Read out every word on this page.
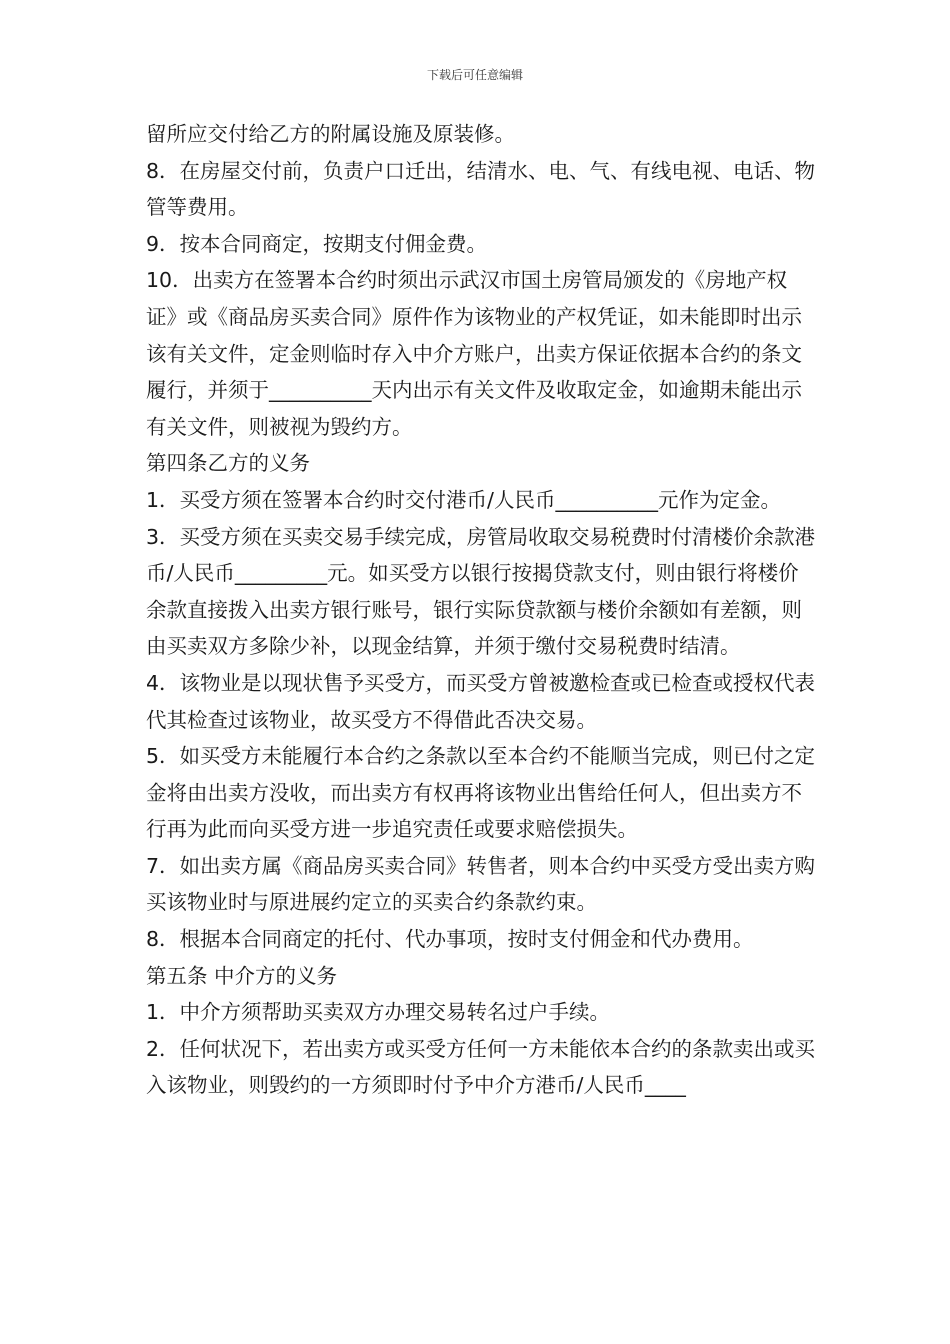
下载后可任意编辑

留所应交付给乙方的附属设施及原装修。

8．在房屋交付前，负责户口迁出，结清水、电、气、有线电视、电话、物管等费用。

9．按本合同商定，按期支付佣金费。

10．出卖方在签署本合约时须出示武汉市国土房管局颁发的《房地产权证》或《商品房买卖合同》原件作为该物业的产权凭证，如未能即时出示该有关文件，定金则临时存入中介方账户，出卖方保证依据本合约的条文履行，并须于__________天内出示有关文件及收取定金，如逾期未能出示有关文件，则被视为毁约方。

第四条乙方的义务

1．买受方须在签署本合约时交付港币/人民币__________元作为定金。

3．买受方须在买卖交易手续完成，房管局收取交易税费时付清楼价余款港币/人民币_________元。如买受方以银行按揭贷款支付，则由银行将楼价余款直接拨入出卖方银行账号，银行实际贷款额与楼价余额如有差额，则由买卖双方多除少补，以现金结算，并须于缴付交易税费时结清。

4．该物业是以现状售予买受方，而买受方曾被邀检查或已检查或授权代表代其检查过该物业，故买受方不得借此否决交易。

5．如买受方未能履行本合约之条款以至本合约不能顺当完成，则已付之定金将由出卖方没收，而出卖方有权再将该物业出售给任何人，但出卖方不行再为此而向买受方进一步追究责任或要求赔偿损失。

7．如出卖方属《商品房买卖合同》转售者，则本合约中买受方受出卖方购买该物业时与原进展约定立的买卖合约条款约束。

8．根据本合同商定的托付、代办事项，按时支付佣金和代办费用。

第五条 中介方的义务

1．中介方须帮助买卖双方办理交易转名过户手续。

2．任何状况下，若出卖方或买受方任何一方未能依本合约的条款卖出或买入该物业，则毁约的一方须即时付予中介方港币/人民币____
